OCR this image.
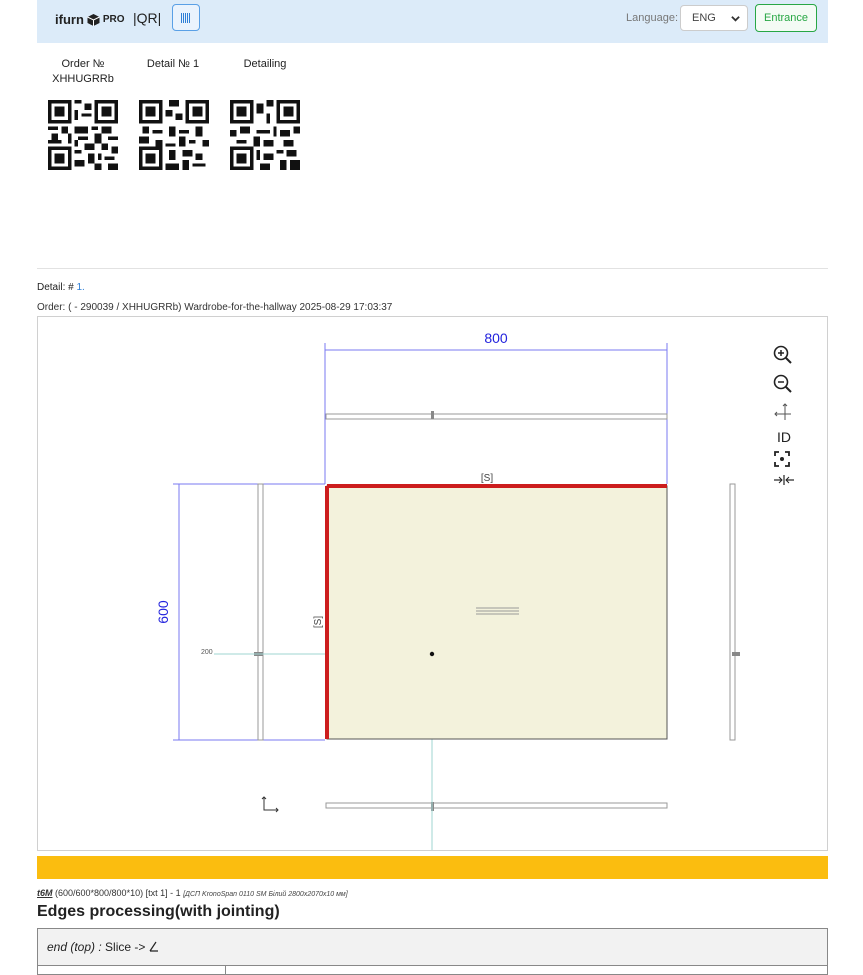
ifurn PRO |QR|	Language:	ENG	Entrance
Order №
XHHUGRRb
Detail № 1	Detailing
Detail: # 1.
Order: ( - 290039 / XHHUGRRb) Wardrobe-for-the-hallway 2025-08-29 17:03:37
800
600
200
[S]
[S]
ID
t6M (600/600*800/800*10) [txt 1] - 1 [ДСП KronoSpan 0110 SM Білий 2800x2070x10 мм]
Edges processing(with jointing)
end (top) : Slice ->
